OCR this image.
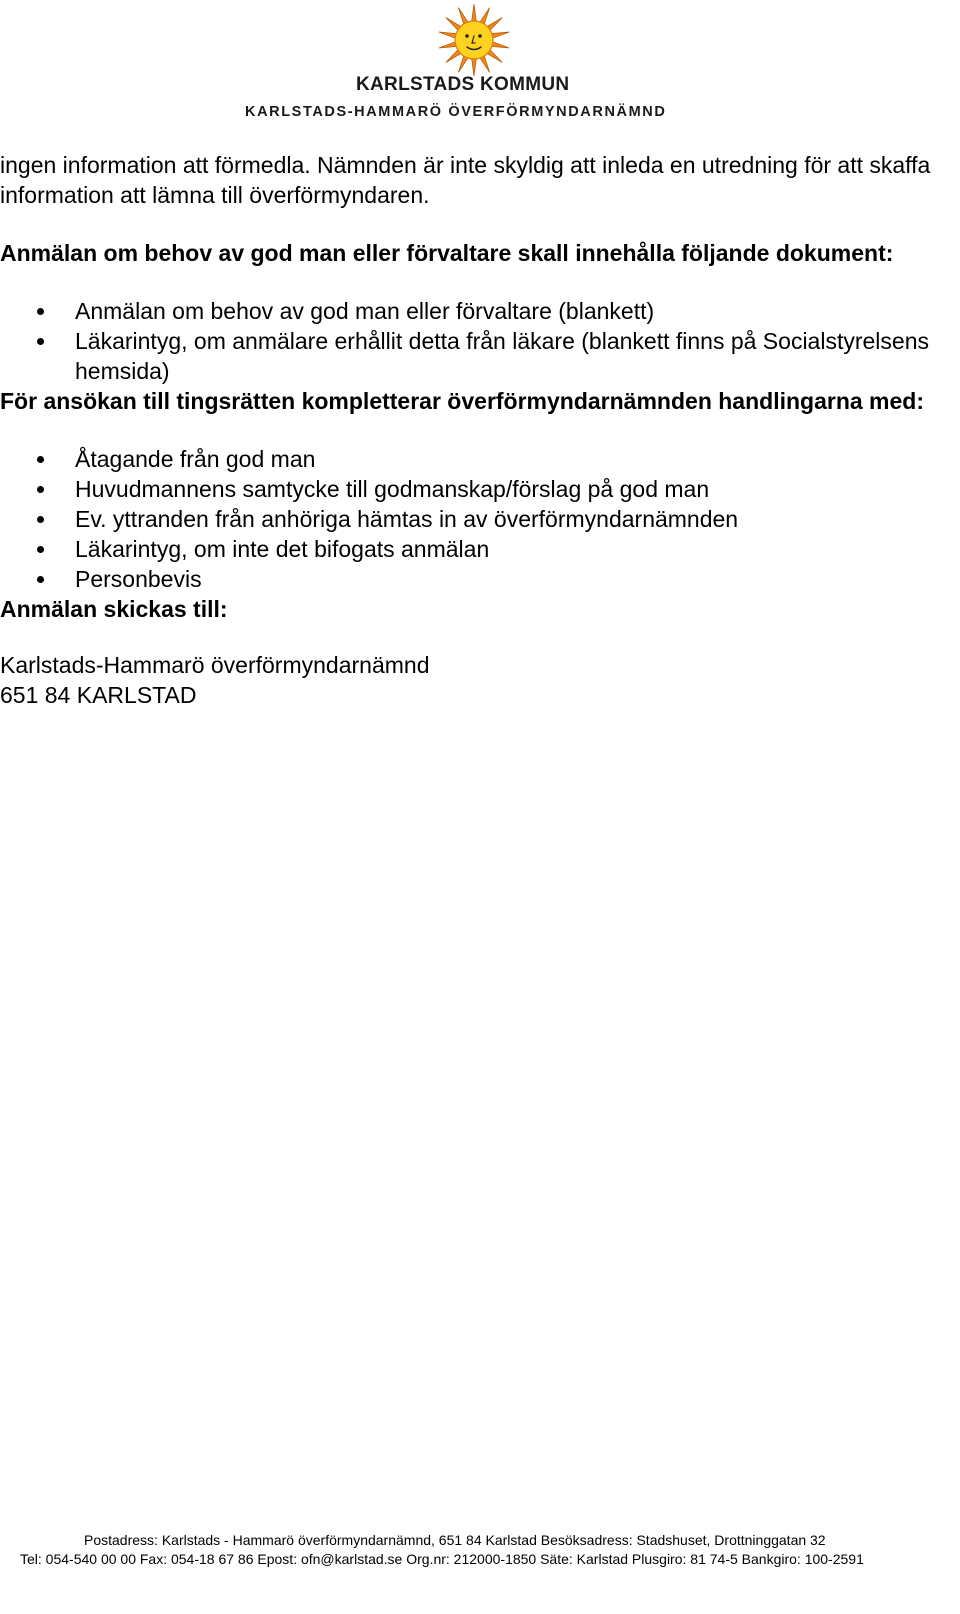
KARLSTADS KOMMUN
KARLSTADS-HAMMARÖ ÖVERFÖRMYNDARNÄMND

ingen information att förmedla. Nämnden är inte skyldig att inleda en utredning för att skaffa information att lämna till överförmyndaren.

Anmälan om behov av god man eller förvaltare skall innehålla följande dokument:

Anmälan om behov av god man eller förvaltare (blankett)
Läkarintyg, om anmälare erhållit detta från läkare (blankett finns på Socialstyrelsens hemsida)

För ansökan till tingsrätten kompletterar överförmyndarnämnden handlingarna med:

Åtagande från god man
Huvudmannens samtycke till godmanskap/förslag på god man
Ev. yttranden från anhöriga hämtas in av överförmyndarnämnden
Läkarintyg, om inte det bifogats anmälan
Personbevis

Anmälan skickas till:

Karlstads-Hammarö överförmyndarnämnd

651 84 KARLSTAD

Postadress: Karlstads - Hammarö överförmyndarnämnd, 651 84 Karlstad Besöksadress: Stadshuset, Drottninggatan 32
Tel: 054-540 00 00 Fax: 054-18 67 86 Epost: ofn@karlstad.se Org.nr: 212000-1850 Säte: Karlstad Plusgiro: 81 74-5 Bankgiro: 100-2591
